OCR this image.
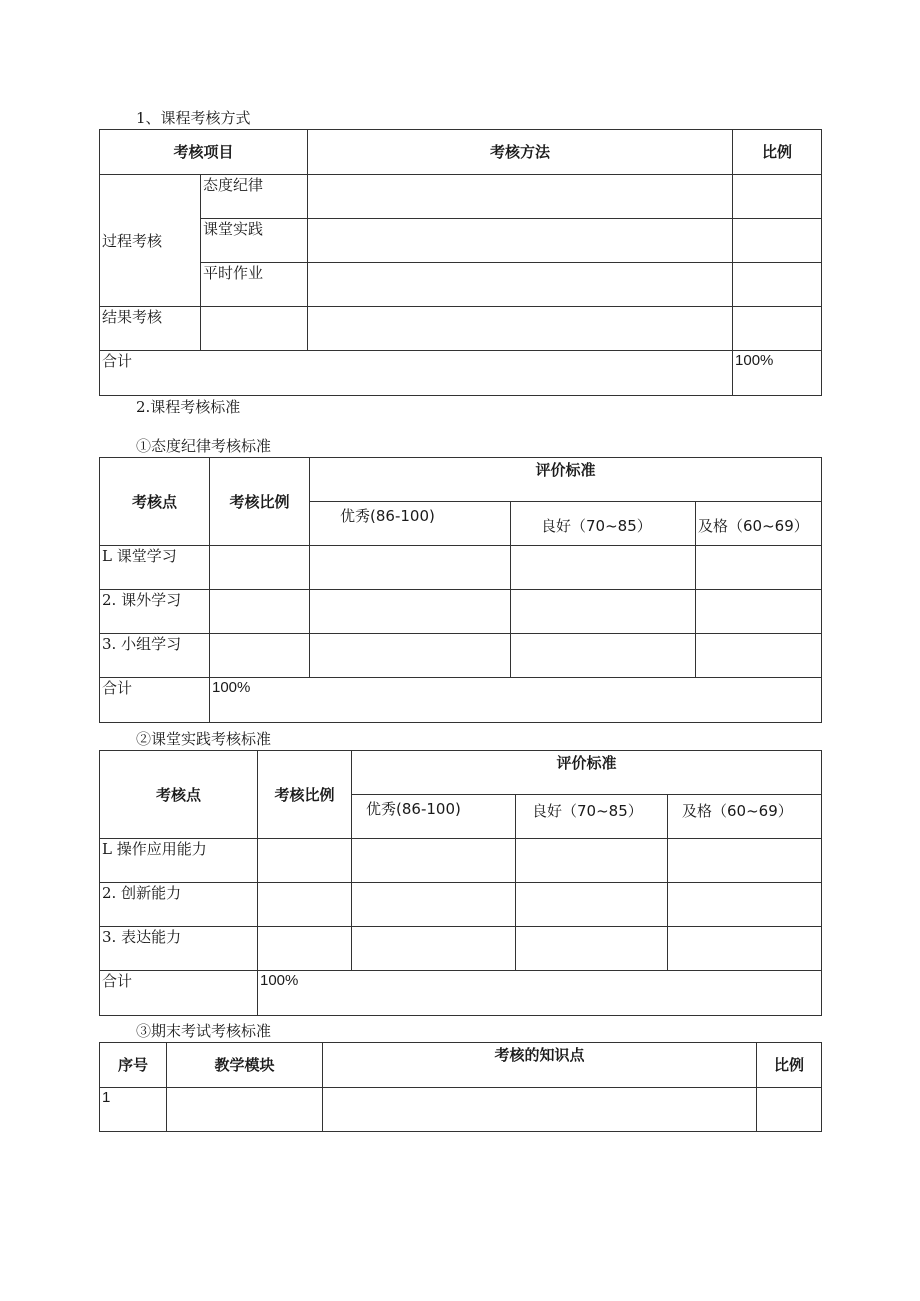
1、课程考核方式
考核项目		考核方法	比例
过程考核	态度纪律		
	课堂实践		
	平时作业		
结果考核			
合计			100%
2.课程考核标准
①态度纪律考核标准
考核点	考核比例	评价标准		
		优秀(86-100)	良好（70~85）	及格（60~69）
L 课堂学习				
2. 课外学习				
3. 小组学习				
合计	100%			
②课堂实践考核标准
考核点	考核比例	评价标准		
		优秀(86-100)	良好（70~85）	及格（60~69）
L 操作应用能力				
2. 创新能力				
3. 表达能力				
合计	100%			
③期末考试考核标准
序号	教学模块	考核的知识点	比例
1			
